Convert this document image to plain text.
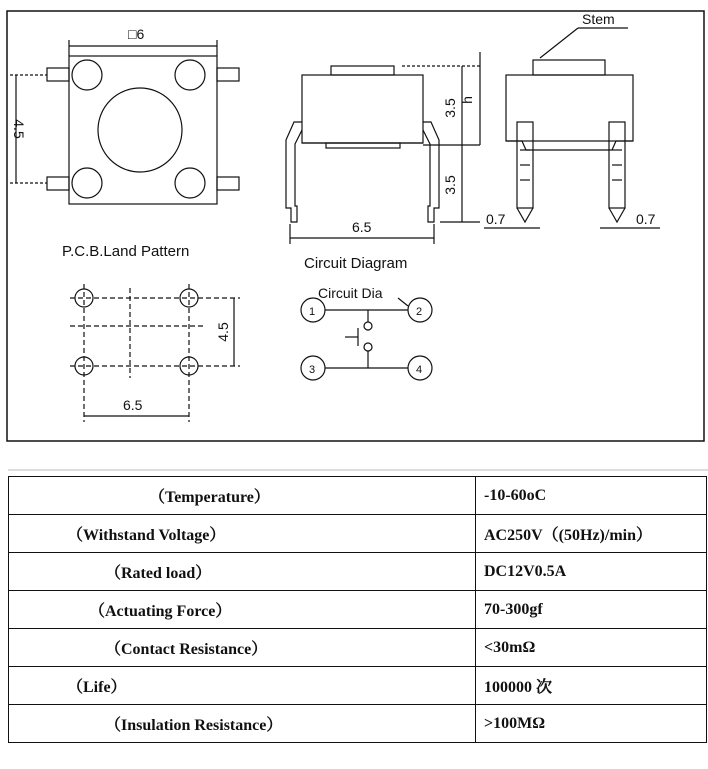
□6
4.5
6.5
3.5 h
3.5
Stem
0.7	0.7
P.C.B.Land Pattern
4.5
6.5
Circuit Diagram
Circuit Dia
1	2
3	4
（Temperature）	-10-60oC
（Withstand Voltage）	AC250V（(50Hz)/min）
（Rated load）	DC12V0.5A
（Actuating Force）	70-300gf
（Contact Resistance）	<30mΩ
（Life）	100000 次
（Insulation Resistance）	>100MΩ
